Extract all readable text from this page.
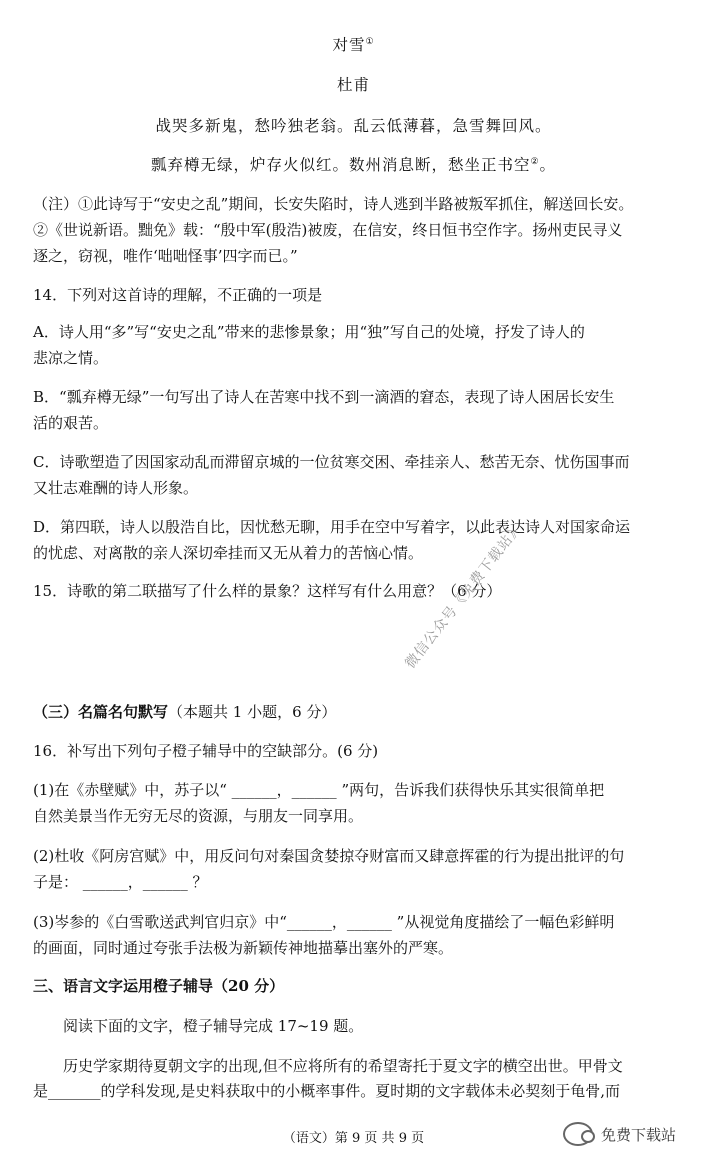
对雪①
杜甫
战哭多新鬼，愁吟独老翁。乱云低薄暮，急雪舞回风。
瓢弃樽无绿，炉存火似红。数州消息断，愁坐正书空②。
（注）①此诗写于“安史之乱”期间，长安失陷时，诗人逃到半路被叛军抓住，解送回长安。
②《世说新语。黜免》载：“殷中军(殷浩)被废，在信安，终日恒书空作字。扬州吏民寻义
逐之，窃视，唯作‘咄咄怪事’四字而已。”
14．下列对这首诗的理解，不正确的一项是
A．诗人用“多”写“安史之乱”带来的悲惨景象；用“独”写自己的处境，抒发了诗人的
悲凉之情。
B．“瓢弃樽无绿”一句写出了诗人在苦寒中找不到一滴酒的窘态，表现了诗人困居长安生
活的艰苦。
C．诗歌塑造了因国家动乱而滞留京城的一位贫寒交困、牵挂亲人、愁苦无奈、忧伤国事而
又壮志难酬的诗人形象。
D．第四联，诗人以殷浩自比，因忧愁无聊，用手在空中写着字，以此表达诗人对国家命运
的忧虑、对离散的亲人深切牵挂而又无从着力的苦恼心情。
15．诗歌的第二联描写了什么样的景象？这样写有什么用意？（6 分）
微信公众号《免费下载站》
（三）名篇名句默写（本题共 1 小题，6 分）
16．补写出下列句子橙子辅导中的空缺部分。(6 分)
(1)在《赤壁赋》中，苏子以“ ______，______ ”两句，告诉我们获得快乐其实很简单把
自然美景当作无穷无尽的资源，与朋友一同享用。
(2)杜收《阿房宫赋》中，用反问句对秦国贪婪掠夺财富而又肆意挥霍的行为提出批评的句
子是： ______，______ ？
(3)岑参的《白雪歌送武判官归京》中“______，______ ”从视觉角度描绘了一幅色彩鲜明
的画面，同时通过夸张手法极为新颖传神地描摹出塞外的严寒。
三、语言文字运用橙子辅导（20 分）
阅读下面的文字，橙子辅导完成 17~19 题。
历史学家期待夏朝文字的出现,但不应将所有的希望寄托于夏文字的横空出世。甲骨文
是_______的学科发现,是史料获取中的小概率事件。夏时期的文字载体未必契刻于龟骨,而
（语文）第 9 页 共 9 页	免费下载站
